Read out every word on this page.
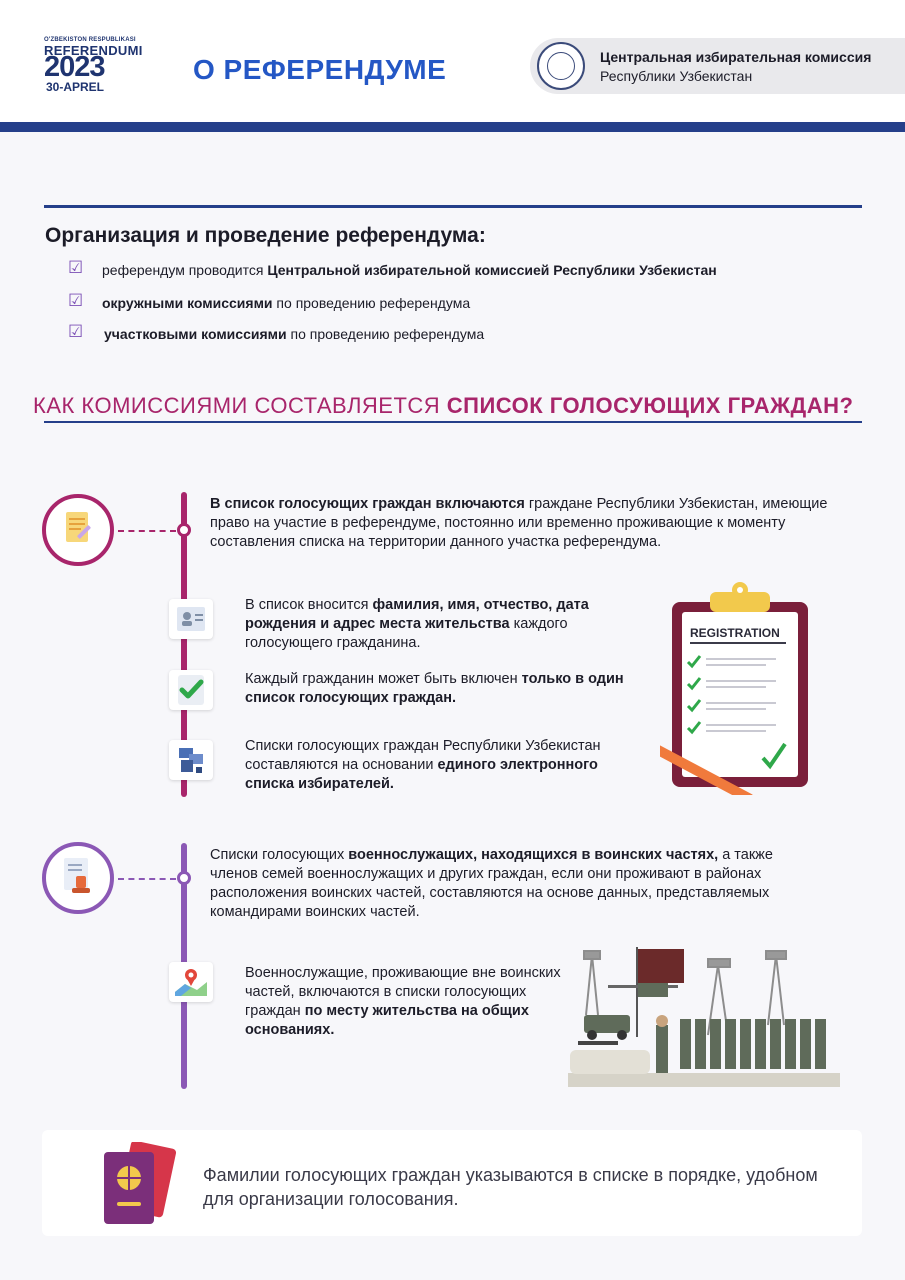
O'ZBEKISTON RESPUBLIKASI
REFERENDUMI
2023
30-APREL
О РЕФЕРЕНДУМЕ	Центральная избирательная комиссия
Республики Узбекистан
Организация и проведение референдума:
☑ референдум проводится Центральной избирательной комиссией Республики Узбекистан
☑ окружными комиссиями по проведению референдума
☑ участковыми комиссиями по проведению референдума
КАК КОМИССИЯМИ СОСТАВЛЯЕТСЯ СПИСОК ГОЛОСУЮЩИХ ГРАЖДАН?
В список голосующих граждан включаются граждане Республики Узбекистан, имеющие право на участие в референдуме, постоянно или временно проживающие к моменту составления списка на территории данного участка референдума.
В список вносится фамилия, имя, отчество, дата рождения и адрес места жительства каждого голосующего гражданина.
Каждый гражданин может быть включен только в один список голосующих граждан.
Списки голосующих граждан Республики Узбекистан составляются на основании единого электронного списка избирателей.
REGISTRATION
Списки голосующих военнослужащих, находящихся в воинских частях, а также членов семей военнослужащих и других граждан, если они проживают в районах расположения воинских частей, составляются на основе данных, представляемых командирами воинских частей.
Военнослужащие, проживающие вне воинских частей, включаются в списки голосующих граждан по месту жительства на общих основаниях.
Фамилии голосующих граждан указываются в списке в порядке, удобном для организации голосования.
